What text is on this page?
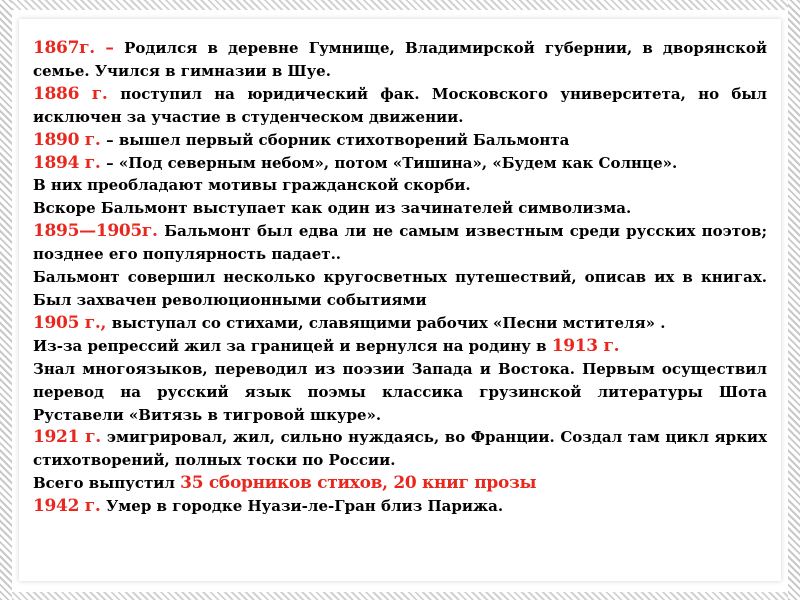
1867г. – Родился в деревне Гумнище, Владимирской губернии, в дворянской семье. Учился в гимназии в Шуе.

1886 г. поступил на юридический фак. Московского университета, но был исключен за участие в студенческом движении.

1890 г. – вышел первый сборник стихотворений Бальмонта

1894 г. – «Под северным небом», потом «Тишина», «Будем как Солнце».

В них преобладают мотивы гражданской скорби.

Вскоре Бальмонт выступает как один из зачинателей символизма.

1895—1905г. Бальмонт был едва ли не самым известным среди русских поэтов; позднее его популярность падает..

Бальмонт совершил несколько кругосветных путешествий, описав их в книгах. Был захвачен революционными событиями

1905 г., выступал со стихами, славящими рабочих «Песни мстителя» .

Из-за репрессий жил за границей и вернулся на родину в 1913 г.

Знал многоязыков, переводил из поэзии Запада и Востока. Первым осуществил перевод на русский язык поэмы классика грузинской литературы Шота Руставели «Витязь в тигровой шкуре».

1921 г. эмигрировал, жил, сильно нуждаясь, во Франции. Создал там цикл ярких стихотворений, полных тоски по России.

Всего выпустил 35 сборников стихов, 20 книг прозы

1942 г. Умер в городке Нуази-ле-Гран близ Парижа.
